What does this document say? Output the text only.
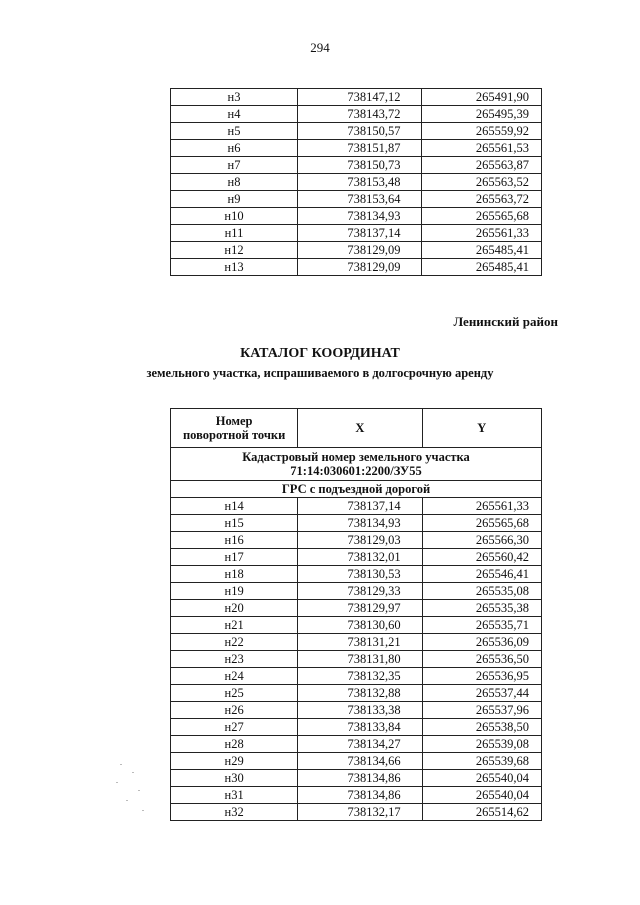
294
н3	738147,12	265491,90
н4	738143,72	265495,39
н5	738150,57	265559,92
н6	738151,87	265561,53
н7	738150,73	265563,87
н8	738153,48	265563,52
н9	738153,64	265563,72
н10	738134,93	265565,68
н11	738137,14	265561,33
н12	738129,09	265485,41
н13	738129,09	265485,41
Ленинский район
КАТАЛОГ КООРДИНАТ
земельного участка, испрашиваемого в долгосрочную аренду
Номер
поворотной точки	X	Y
Кадастровый номер земельного участка
71:14:030601:2200/ЗУ55		
ГРС с подъездной дорогой		
н14	738137,14	265561,33
н15	738134,93	265565,68
н16	738129,03	265566,30
н17	738132,01	265560,42
н18	738130,53	265546,41
н19	738129,33	265535,08
н20	738129,97	265535,38
н21	738130,60	265535,71
н22	738131,21	265536,09
н23	738131,80	265536,50
н24	738132,35	265536,95
н25	738132,88	265537,44
н26	738133,38	265537,96
н27	738133,84	265538,50
н28	738134,27	265539,08
н29	738134,66	265539,68
н30	738134,86	265540,04
н31	738134,86	265540,04
н32	738132,17	265514,62
